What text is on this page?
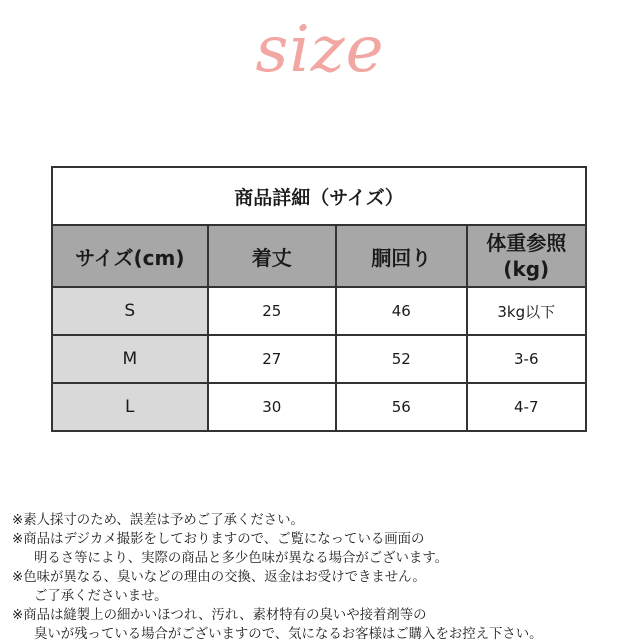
size
商品詳細（サイズ）			
サイズ(cm)	着丈	胴回り	体重参照
(kg)
S	25	46	3kg以下
M	27	52	3-6
L	30	56	4-7
※素人採寸のため、誤差は予めご了承ください。
※商品はデジカメ撮影をしておりますので、ご覧になっている画面の
明るさ等により、実際の商品と多少色味が異なる場合がございます。
※色味が異なる、臭いなどの理由の交換、返金はお受けできません。
ご了承くださいませ。
※商品は縫製上の細かいほつれ、汚れ、素材特有の臭いや接着剤等の
臭いが残っている場合がございますので、気になるお客様はご購入をお控え下さい。
